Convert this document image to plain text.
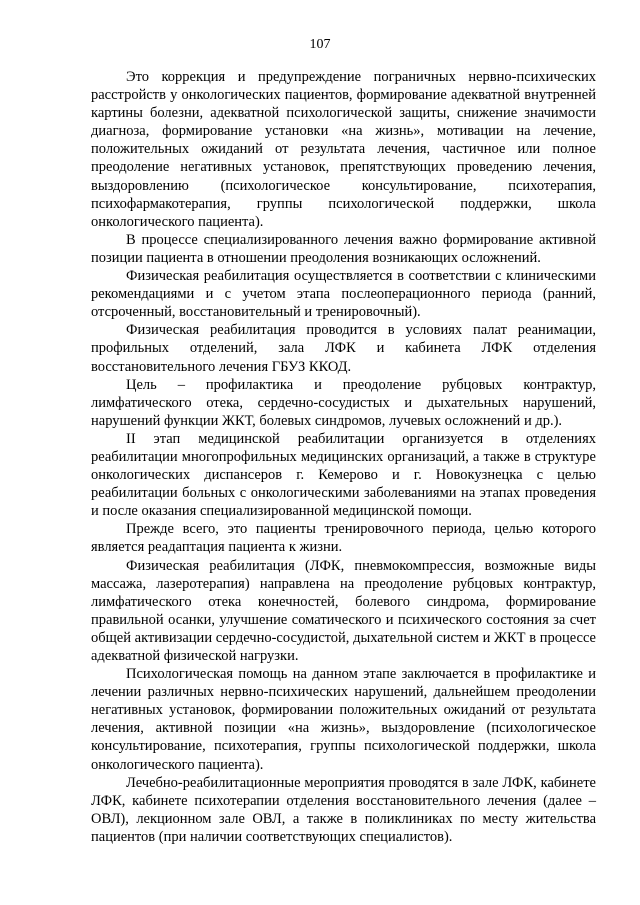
107

Это коррекция и предупреждение пограничных нервно-психических расстройств у онкологических пациентов, формирование адекватной внутренней картины болезни, адекватной психологической защиты, снижение значимости диагноза, формирование установки «на жизнь», мотивации на лечение, положительных ожиданий от результата лечения, частичное или полное преодоление негативных установок, препятствующих проведению лечения, выздоровлению (психологическое консультирование, психотерапия, психофармакотерапия, группы психологической поддержки, школа онкологического пациента).

В процессе специализированного лечения важно формирование активной позиции пациента в отношении преодоления возникающих осложнений.

Физическая реабилитация осуществляется в соответствии с клиническими рекомендациями и с учетом этапа послеоперационного периода (ранний, отсроченный, восстановительный и тренировочный).

Физическая реабилитация проводится в условиях палат реанимации, профильных отделений, зала ЛФК и кабинета ЛФК отделения восстановительного лечения ГБУЗ ККОД.

Цель – профилактика и преодоление рубцовых контрактур, лимфатического отека, сердечно-сосудистых и дыхательных нарушений, нарушений функции ЖКТ, болевых синдромов, лучевых осложнений и др.).

II этап медицинской реабилитации организуется в отделениях реабилитации многопрофильных медицинских организаций, а также в структуре онкологических диспансеров г. Кемерово и г. Новокузнецка с целью реабилитации больных с онкологическими заболеваниями на этапах проведения и после оказания специализированной медицинской помощи.

Прежде всего, это пациенты тренировочного периода, целью которого является реадаптация пациента к жизни.

Физическая реабилитация (ЛФК, пневмокомпрессия, возможные виды массажа, лазеротерапия) направлена на преодоление рубцовых контрактур, лимфатического отека конечностей, болевого синдрома, формирование правильной осанки, улучшение соматического и психического состояния за счет общей активизации сердечно-сосудистой, дыхательной систем и ЖКТ в процессе адекватной физической нагрузки.

Психологическая помощь на данном этапе заключается в профилактике и лечении различных нервно-психических нарушений, дальнейшем преодолении негативных установок, формировании положительных ожиданий от результата лечения, активной позиции «на жизнь», выздоровление (психологическое консультирование, психотерапия, группы психологической поддержки, школа онкологического пациента).

Лечебно-реабилитационные мероприятия проводятся в зале ЛФК, кабинете ЛФК, кабинете психотерапии отделения восстановительного лечения (далее – ОВЛ), лекционном зале ОВЛ, а также в поликлиниках по месту жительства пациентов (при наличии соответствующих специалистов).
